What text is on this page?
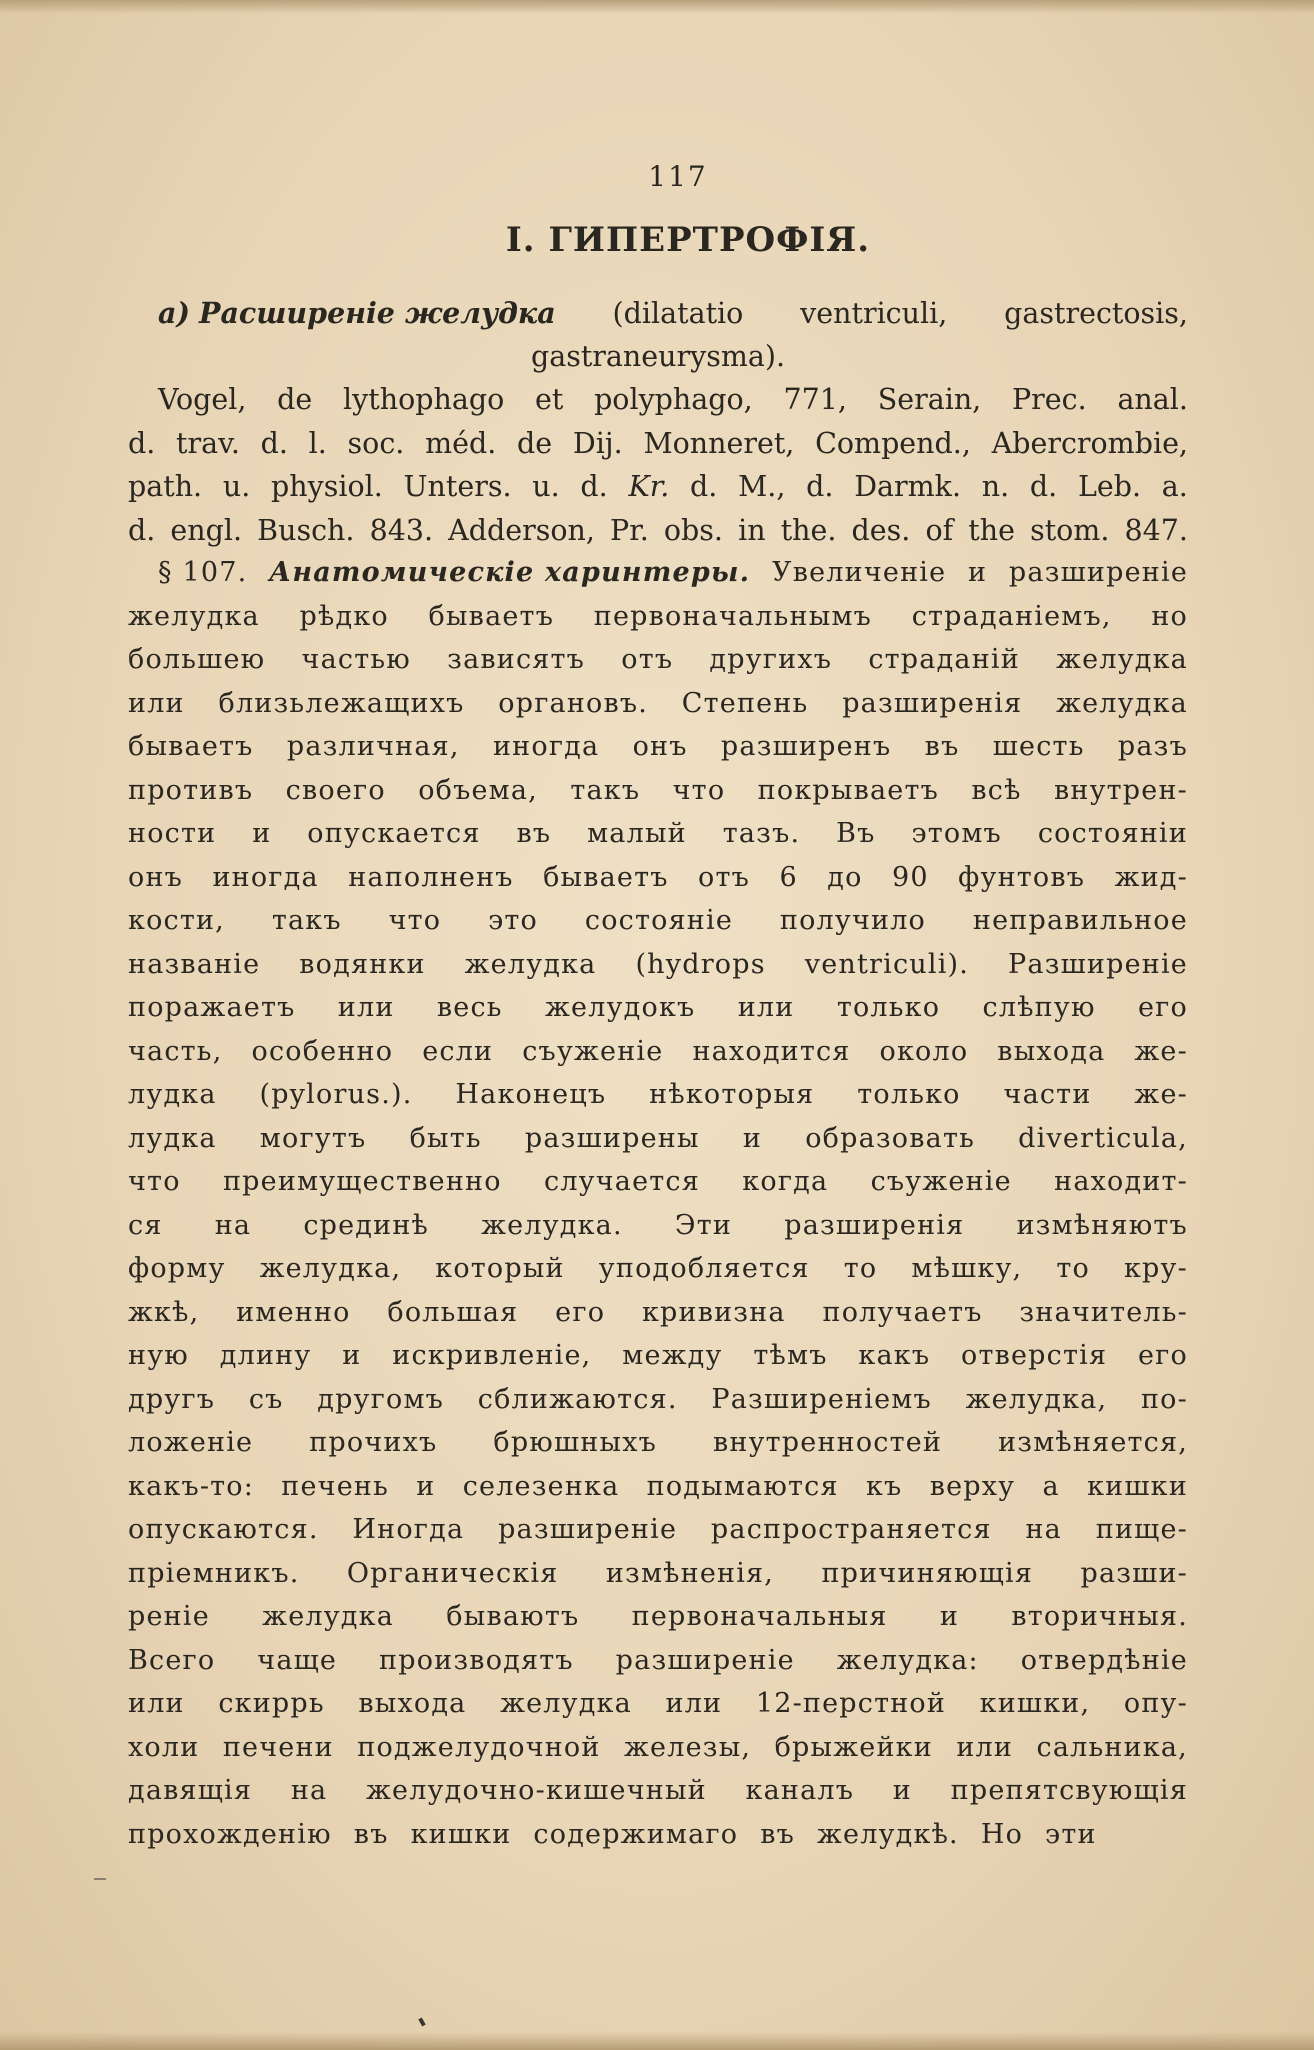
117
I. ГИПЕРТРОФІЯ.
a) Расширеніе желудка (dilatatio ventriculi, gastrectosis,
gastraneurysma).
Vogel, de lythophago et polyphago, 771, Serain, Prec. anal.
d. trav. d. l. soc. méd. de Dij. Monneret, Compend., Abercrombie,
path. u. physiol. Unters. u. d. Kr. d. M., d. Darmk. n. d. Leb. a.
d. engl. Busch. 843. Adderson, Pr. obs. in the. des. of the stom. 847.
§ 107. Анатомическіе харинтеры. Увеличеніе и разширеніе
желудка рѣдко бываетъ первоначальнымъ страданіемъ, но
большею частью зависятъ отъ другихъ страданій желудка
или близьлежащихъ органовъ. Степень разширенія желудка
бываетъ различная, иногда онъ разширенъ въ шесть разъ
противъ своего объема, такъ что покрываетъ всѣ внутрен-
ности и опускается въ малый тазъ. Въ этомъ состояніи
онъ иногда наполненъ бываетъ отъ 6 до 90 фунтовъ жид-
кости, такъ что это состояніе получило неправильное
названіе водянки желудка (hydrops ventriculi). Разширеніе
поражаетъ или весь желудокъ или только слѣпую его
часть, особенно если съуженіе находится около выхода же-
лудка (pylorus.). Наконецъ нѣкоторыя только части же-
лудка могутъ быть разширены и образовать diverticula,
что преимущественно случается когда съуженіе находит-
ся на срединѣ желудка. Эти разширенія измѣняютъ
форму желудка, который уподобляется то мѣшку, то кру-
жкѣ, именно большая его кривизна получаетъ значитель-
ную длину и искривленіе, между тѣмъ какъ отверстія его
другъ съ другомъ сближаются. Разширеніемъ желудка, по-
ложеніе прочихъ брюшныхъ внутренностей измѣняется,
какъ-то: печень и селезенка подымаются къ верху а кишки
опускаются. Иногда разширеніе распространяется на пище-
пріемникъ. Органическія измѣненія, причиняющія разши-
реніе желудка бываютъ первоначальныя и вторичныя.
Всего чаще производятъ разширеніе желудка: отвердѣніе
или скиррь выхода желудка или 12-перстной кишки, опу-
холи печени поджелудочной железы, брыжейки или сальника,
давящія на желудочно-кишечный каналъ и препятсвующія
прохожденію въ кишки содержимаго въ желудкѣ. Но эти
